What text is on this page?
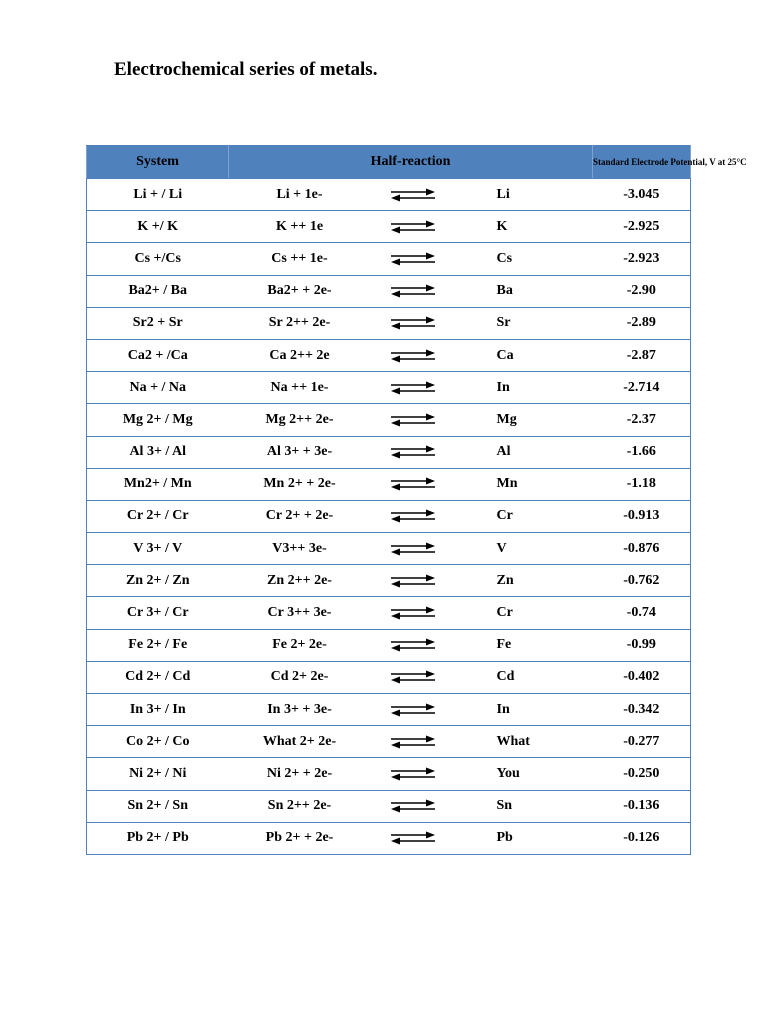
Electrochemical series of metals.
System	Half-reaction			Standard Electrode Potential, V at 25°C
Li + / Li	Li + 1e-		Li	-3.045
K +/ K	K ++ 1e		K	-2.925
Cs +/Cs	Cs ++ 1e-		Cs	-2.923
Ba2+ / Ba	Ba2+ + 2e-		Ba	-2.90
Sr2 + Sr	Sr 2++ 2e-		Sr	-2.89
Ca2 + /Ca	Ca 2++ 2e		Ca	-2.87
Na + / Na	Na ++ 1e-		In	-2.714
Mg 2+ / Mg	Mg 2++ 2e-		Mg	-2.37
Al 3+ / Al	Al 3+ + 3e-		Al	-1.66
Mn2+ / Mn	Mn 2+ + 2e-		Mn	-1.18
Cr 2+ / Cr	Cr 2+ + 2e-		Cr	-0.913
V 3+ / V	V3++ 3e-		V	-0.876
Zn 2+ / Zn	Zn 2++ 2e-		Zn	-0.762
Cr 3+ / Cr	Cr 3++ 3e-		Cr	-0.74
Fe 2+ / Fe	Fe 2+ 2e-		Fe	-0.99
Cd 2+ / Cd	Cd 2+ 2e-		Cd	-0.402
In 3+ / In	In 3+ + 3e-		In	-0.342
Co 2+ / Co	What 2+ 2e-		What	-0.277
Ni 2+ / Ni	Ni 2+ + 2e-		You	-0.250
Sn 2+ / Sn	Sn 2++ 2e-		Sn	-0.136
Pb 2+ / Pb	Pb 2+ + 2e-		Pb	-0.126
